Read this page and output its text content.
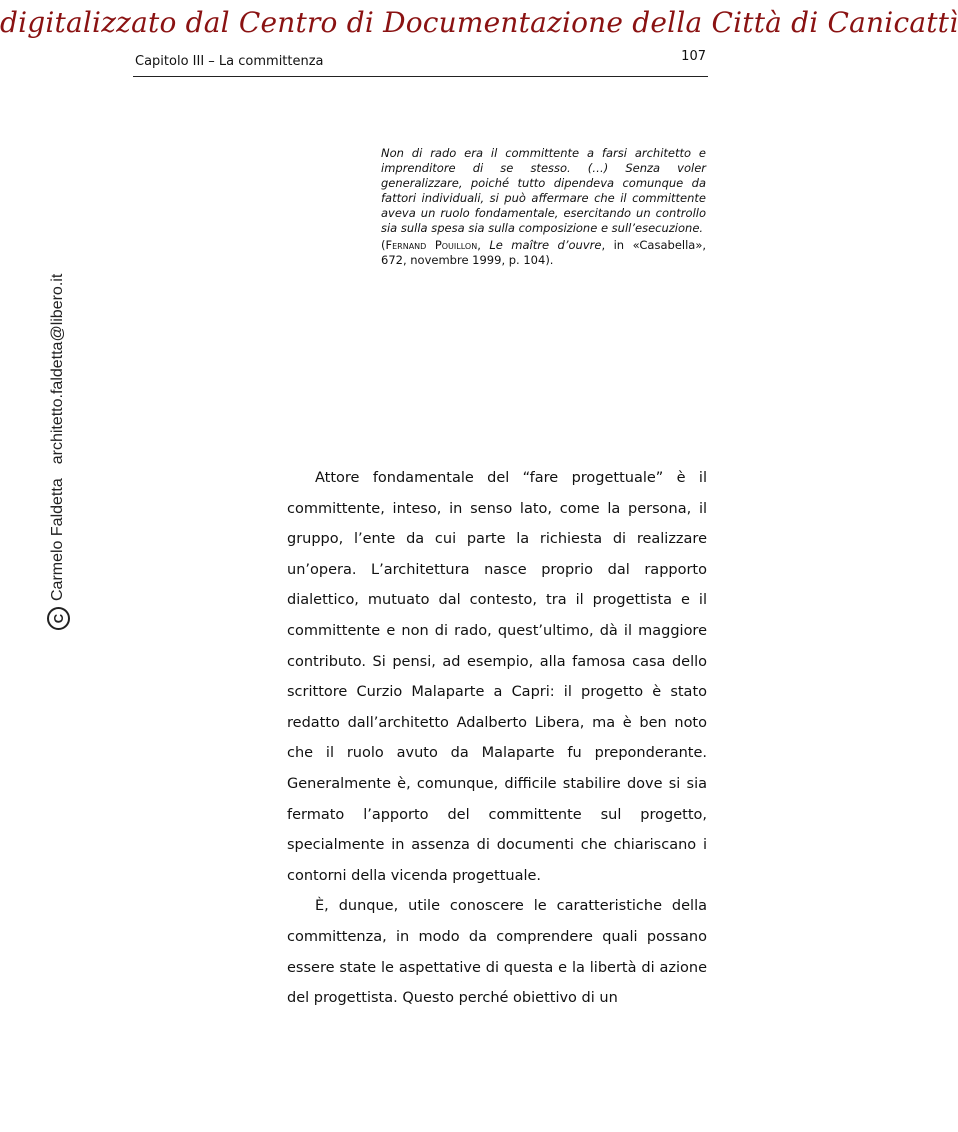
digitalizzato dal Centro di Documentazione della Città di Canicattì
Capitolo III – La committenza	107
C
Carmelo Faldetta
architetto.faldetta@libero.it

Non di rado era il committente a farsi architetto e imprenditore di se stesso. (…) Senza voler generalizzare, poiché tutto dipendeva comunque da fattori individuali, si può affermare che il committente aveva un ruolo fondamentale, esercitando un controllo sia sulla spesa sia sulla composizione e sull’esecuzione.

(Fernand Pouillon, Le maître d’ouvre, in «Casabella», 672, novembre 1999, p. 104).

Attore fondamentale del “fare progettuale” è il committente, inteso, in senso lato, come la persona, il gruppo, l’ente da cui parte la richiesta di realizzare un’opera. L’architettura nasce proprio dal rapporto dialettico, mutuato dal contesto, tra il progettista e il committente e non di rado, quest’ultimo, dà il maggiore contributo. Si pensi, ad esempio, alla famosa casa dello scrittore Curzio Malaparte a Capri: il progetto è stato redatto dall’architetto Adalberto Libera, ma è ben noto che il ruolo avuto da Malaparte fu preponderante. Generalmente è, comunque, difficile stabilire dove si sia fermato l’apporto del committente sul progetto, specialmente in assenza di documenti che chiariscano i contorni della vicenda progettuale.

È, dunque, utile conoscere le caratteristiche della committenza, in modo da comprendere quali possano essere state le aspettative di questa e la libertà di azione del progettista. Questo perché obiettivo di un
